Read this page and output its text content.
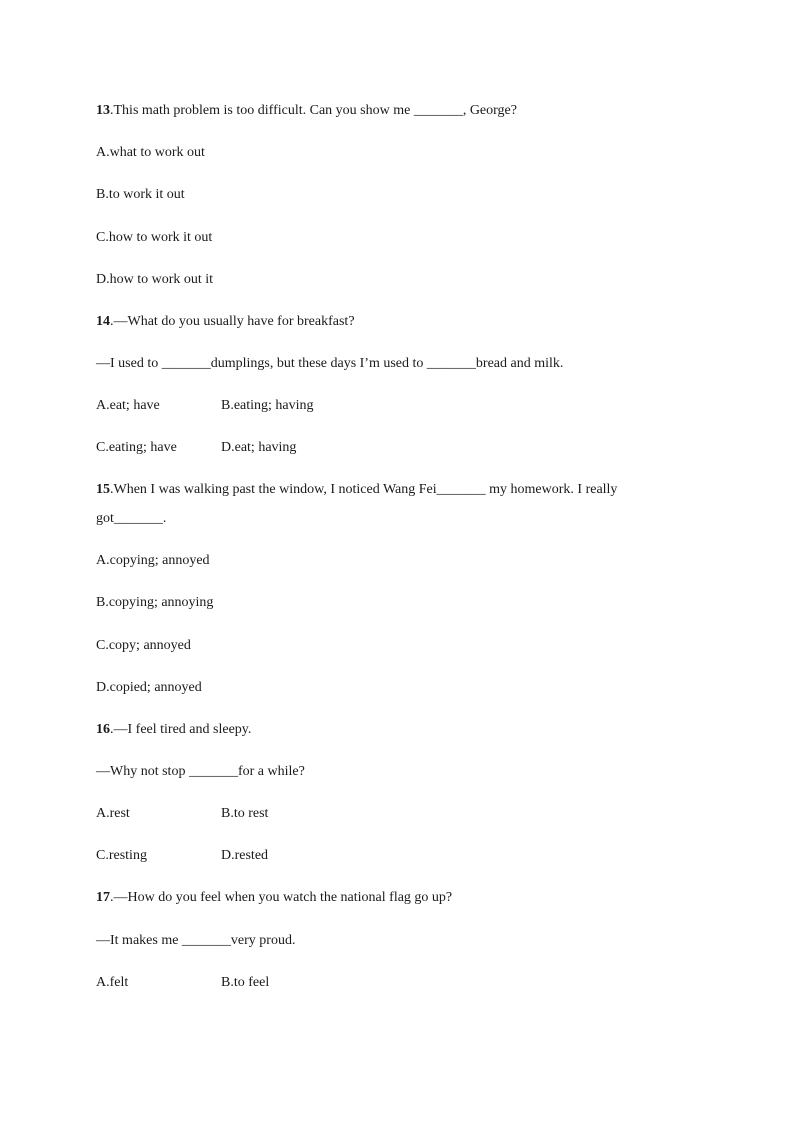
13.This math problem is too difficult. Can you show me _______, George?
A.what to work out
B.to work it out
C.how to work it out
D.how to work out it
14.—What do you usually have for breakfast?
—I used to _______dumplings, but these days I’m used to _______bread and milk.
A.eat; have	B.eating; having
C.eating; have	D.eat; having
15.When I was walking past the window, I noticed Wang Fei_______ my homework. I really
got_______.
A.copying; annoyed
B.copying; annoying
C.copy; annoyed
D.copied; annoyed
16.—I feel tired and sleepy.
—Why not stop _______for a while?
A.rest	B.to rest
C.resting	D.rested
17.—How do you feel when you watch the national flag go up?
—It makes me _______very proud.
A.felt	B.to feel
